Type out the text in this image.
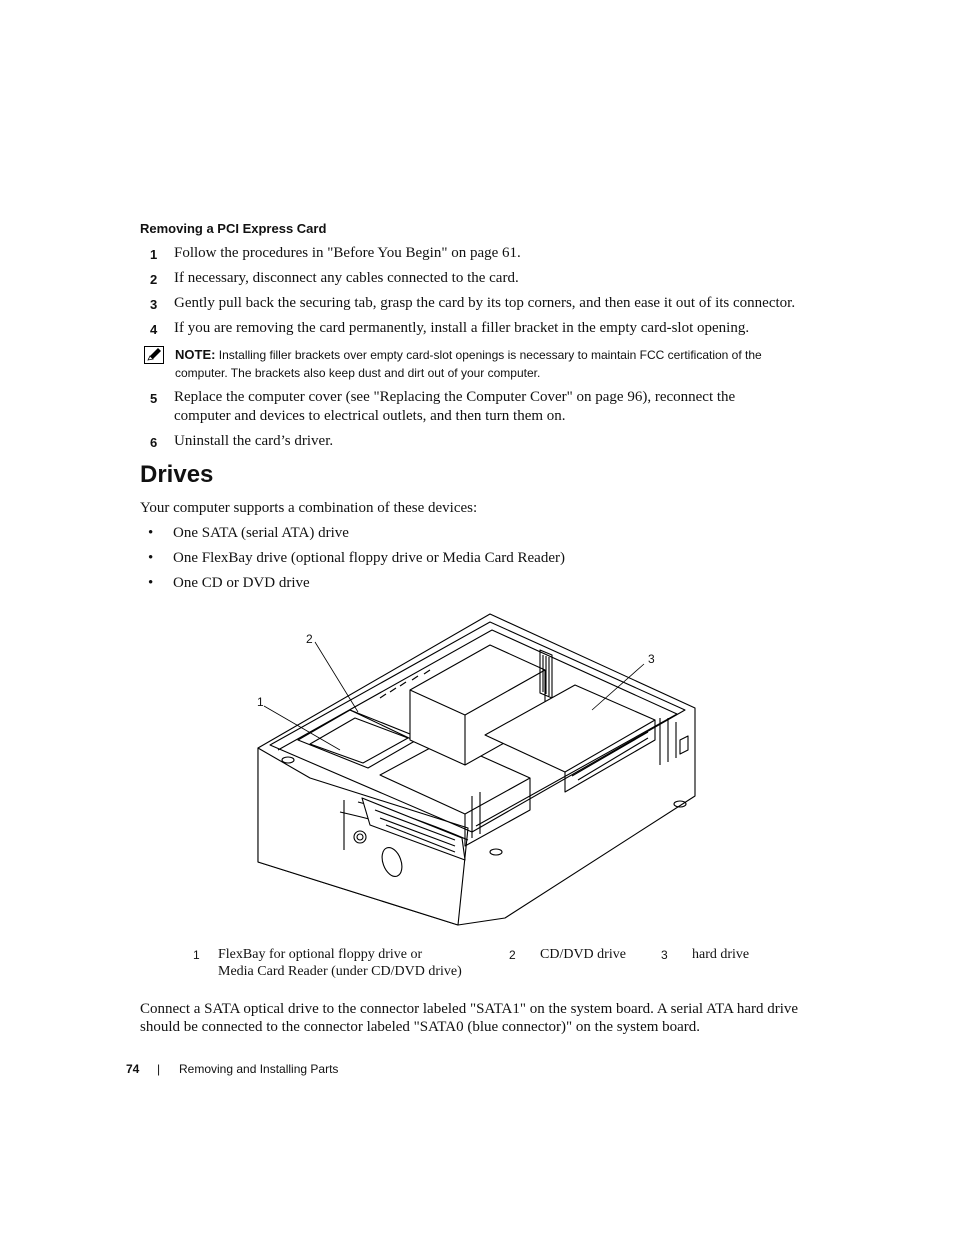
Removing a PCI Express Card
1 Follow the procedures in "Before You Begin" on page 61.
2 If necessary, disconnect any cables connected to the card.
3 Gently pull back the securing tab, grasp the card by its top corners, and then ease it out of its connector.
4 If you are removing the card permanently, install a filler bracket in the empty card-slot opening.
NOTE: Installing filler brackets over empty card-slot openings is necessary to maintain FCC certification of the computer. The brackets also keep dust and dirt out of your computer.
5 Replace the computer cover (see "Replacing the Computer Cover" on page 96), reconnect the computer and devices to electrical outlets, and then turn them on.
6 Uninstall the card’s driver.
Drives
Your computer supports a combination of these devices:
• One SATA (serial ATA) drive
• One FlexBay drive (optional floppy drive or Media Card Reader)
• One CD or DVD drive
1
2
3
1 FlexBay for optional floppy drive or
Media Card Reader (under CD/DVD drive)
2 CD/DVD drive	3 hard drive
Connect a SATA optical drive to the connector labeled "SATA1" on the system board. A serial ATA hard drive should be connected to the connector labeled "SATA0 (blue connector)" on the system board.
74 | Removing and Installing Parts
